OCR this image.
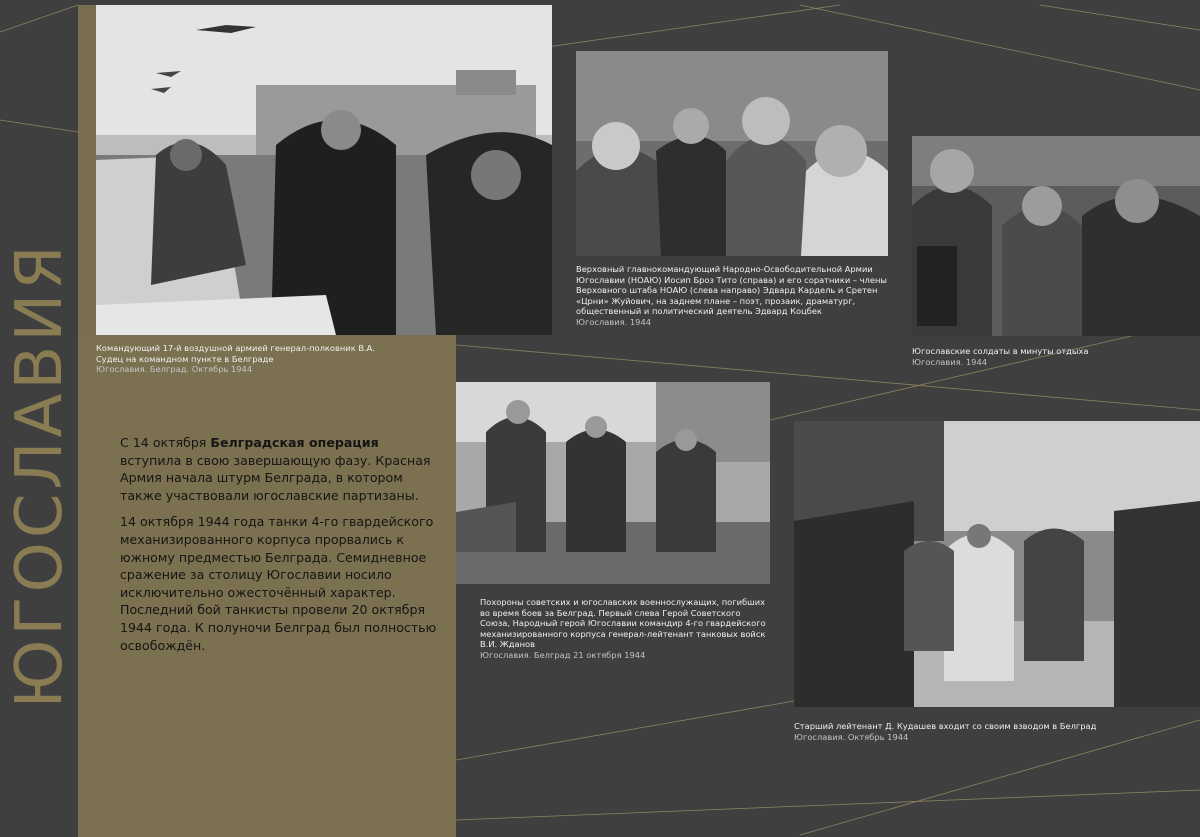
ЮГОСЛАВИЯ	Командующий 17-й воздушной армией генерал-полковник В.А. Судец на командном пункте в Белграде
Югославия. Белград. Октябрь 1944
Верховный главнокомандующий Народно-Освободительной Армии Югославии (НОАЮ) Иосип Броз Тито (справа) и его соратники – члены Верховного штаба НОАЮ (слева направо) Эдвард Кардель и Сретен «Црни» Жуйович, на заднем плане – поэт, прозаик, драматург, общественный и политический деятель Эдвард Коцбек
Югославия. 1944
Югославские солдаты в минуты отдыха
Югославия. 1944
Похороны советских и югославских военнослужащих, погибших во время боев за Белград. Первый слева Герой Советского Союза, Народный герой Югославии командир 4-го гвардейского механизированного корпуса генерал-лейтенант танковых войск В.И. Жданов
Югославия. Белград 21 октября 1944
Старший лейтенант Д. Кудашев входит со своим взводом в Белград
Югославия. Октябрь 1944

С 14 октября Белградская операция вступила в свою завершающую фазу. Красная Армия начала штурм Белграда, в котором также участвовали югославские партизаны.

14 октября 1944 года танки 4-го гвардейского механизированного корпуса прорвались к южному предместью Белграда. Семидневное сражение за столицу Югославии носило исключительно ожесточённый характер. Последний бой танкисты провели 20 октября 1944 года. К полуночи Белград был полностью освобождён.
